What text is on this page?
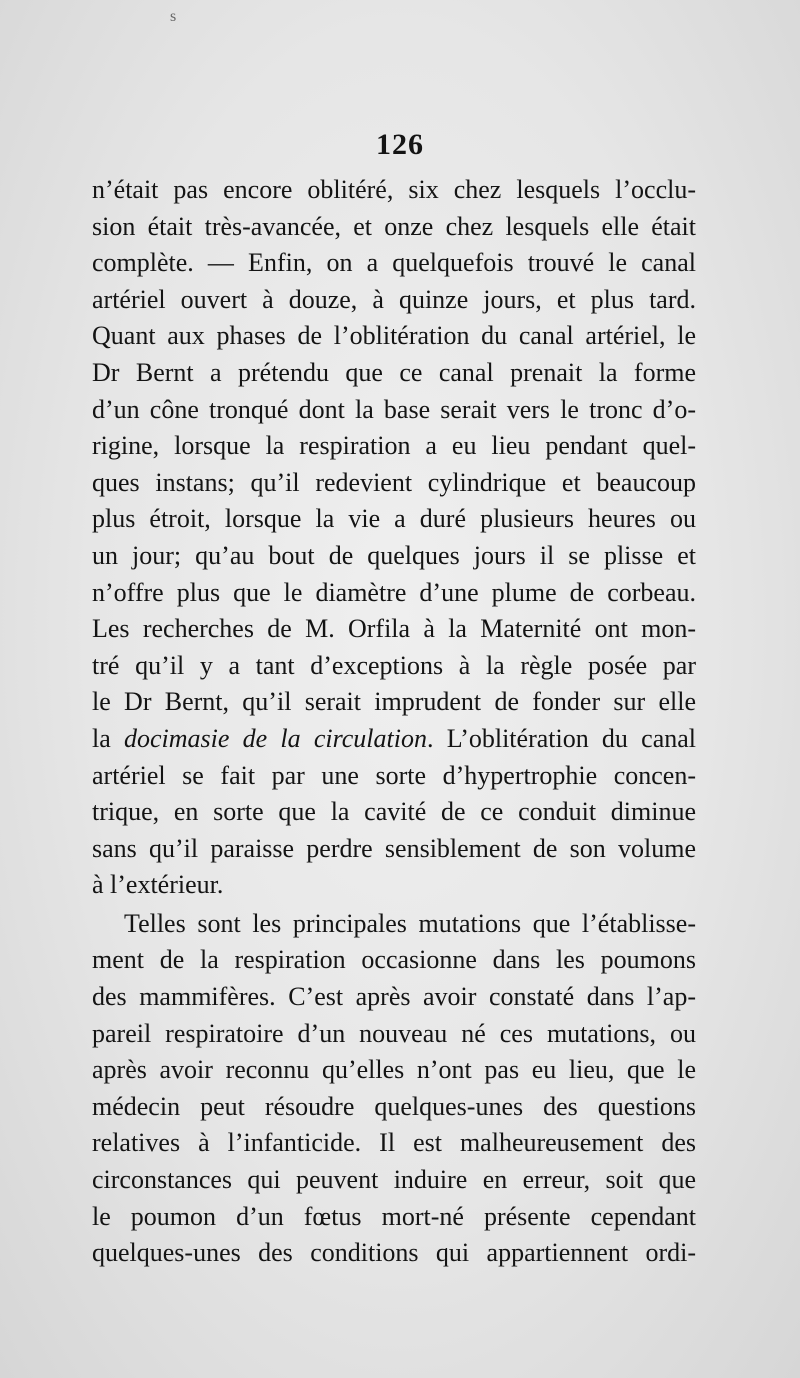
s
126
n’était pas encore oblitéré, six chez lesquels l’occlu-
sion était très-avancée, et onze chez lesquels elle était
complète. — Enfin, on a quelquefois trouvé le canal
artériel ouvert à douze, à quinze jours, et plus tard.
Quant aux phases de l’oblitération du canal artériel, le
Dr Bernt a prétendu que ce canal prenait la forme
d’un cône tronqué dont la base serait vers le tronc d’o-
rigine, lorsque la respiration a eu lieu pendant quel-
ques instans; qu’il redevient cylindrique et beaucoup
plus étroit, lorsque la vie a duré plusieurs heures ou
un jour; qu’au bout de quelques jours il se plisse et
n’offre plus que le diamètre d’une plume de corbeau.
Les recherches de M. Orfila à la Maternité ont mon-
tré qu’il y a tant d’exceptions à la règle posée par
le Dr Bernt, qu’il serait imprudent de fonder sur elle
la docimasie de la circulation. L’oblitération du canal
artériel se fait par une sorte d’hypertrophie concen-
trique, en sorte que la cavité de ce conduit diminue
sans qu’il paraisse perdre sensiblement de son volume
à l’extérieur.
Telles sont les principales mutations que l’établisse-
ment de la respiration occasionne dans les poumons
des mammifères. C’est après avoir constaté dans l’ap-
pareil respiratoire d’un nouveau né ces mutations, ou
après avoir reconnu qu’elles n’ont pas eu lieu, que le
médecin peut résoudre quelques-unes des questions
relatives à l’infanticide. Il est malheureusement des
circonstances qui peuvent induire en erreur, soit que
le poumon d’un fœtus mort-né présente cependant
quelques-unes des conditions qui appartiennent ordi-
